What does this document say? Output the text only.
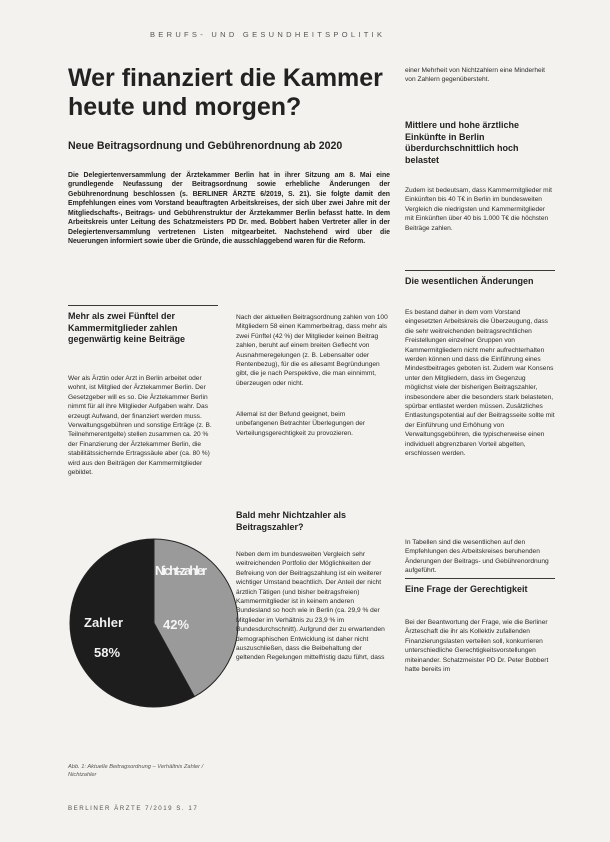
BERUFS- UND GESUNDHEITSPOLITIK
Wer finanziert die Kammer heute und morgen?
Neue Beitragsordnung und Gebührenordnung ab 2020
Die Delegiertenversammlung der Ärztekammer Berlin hat in ihrer Sitzung am 8. Mai eine grundlegende Neufassung der Beitragsordnung sowie erhebliche Änderungen der Gebührenordnung beschlossen (s. BERLINER ÄRZTE 6/2019, S. 21). Sie folgte damit den Empfehlungen eines vom Vorstand beauftragten Arbeitskreises, der sich über zwei Jahre mit der Mitgliedschafts-, Beitrags- und Gebührenstruktur der Ärztekammer Berlin befasst hatte. In dem Arbeitskreis unter Leitung des Schatzmeisters PD Dr. med. Bobbert haben Vertreter aller in der Delegiertenversammlung vertretenen Listen mitgearbeitet. Nachstehend wird über die Neuerungen informiert sowie über die Gründe, die ausschlaggebend waren für die Reform.
Mehr als zwei Fünftel der Kammermitglieder zahlen gegenwärtig keine Beiträge
Wer als Ärztin oder Arzt in Berlin arbeitet oder wohnt, ist Mitglied der Ärztekammer Berlin. Der Gesetzgeber will es so. Die Ärztekammer Berlin nimmt für all ihre Mitglieder Aufgaben wahr. Das erzeugt Aufwand, der finanziert werden muss. Verwaltungsgebühren und sonstige Erträge (z. B. Teilnehmerentgelte) stellen zusammen ca. 20 % der Finanzierung der Ärztekammer Berlin, die stabilitätssichernde Ertragssäule aber (ca. 80 %) wird aus den Beiträgen der Kammermitglieder gebildet.
Zahler
58%
Nicht-zahler
42%
Abb. 1: Aktuelle Beitragsordnung – Verhältnis Zahler / Nichtzahler
Nach der aktuellen Beitragsordnung zahlen von 100 Mitgliedern 58 einen Kammerbeitrag, dass mehr als zwei Fünftel (42 %) der Mitglieder keinen Beitrag zahlen, beruht auf einem breiten Geflecht von Ausnahmeregelungen (z. B. Lebensalter oder Rentenbezug), für die es allesamt Begründungen gibt, die je nach Perspektive, die man einnimmt, überzeugen oder nicht.
Allemal ist der Befund geeignet, beim unbefangenen Betrachter Überlegungen der Verteilungsgerechtigkeit zu provozieren.
Bald mehr Nichtzahler als Beitragszahler?
Neben dem im bundesweiten Vergleich sehr weitreichenden Portfolio der Möglichkeiten der Befreiung von der Beitragszahlung ist ein weiterer wichtiger Umstand beachtlich. Der Anteil der nicht ärztlich Tätigen (und bisher beitragsfreien) Kammermitglieder ist in keinem anderen Bundesland so hoch wie in Berlin (ca. 29,9 % der Mitglieder im Verhältnis zu 23,9 % im Bundesdurchschnitt). Aufgrund der zu erwartenden demographischen Entwicklung ist daher nicht auszuschließen, dass die Beibehaltung der geltenden Regelungen mittelfristig dazu führt, dass
einer Mehrheit von Nichtzahlern eine Minderheit von Zahlern gegenübersteht.
Mittlere und hohe ärztliche Einkünfte in Berlin überdurchschnittlich hoch belastet
Zudem ist bedeutsam, dass Kammermitglieder mit Einkünften bis 40 T€ in Berlin im bundesweiten Vergleich die niedrigsten und Kammermitglieder mit Einkünften über 40 bis 1.000 T€ die höchsten Beiträge zahlen.
Die wesentlichen Änderungen
Es bestand daher in dem vom Vorstand eingesetzten Arbeitskreis die Überzeugung, dass die sehr weitreichenden beitragsrechtlichen Freistellungen einzelner Gruppen von Kammermitgliedern nicht mehr aufrechterhalten werden können und dass die Einführung eines Mindestbeitrages geboten ist. Zudem war Konsens unter den Mitgliedern, dass im Gegenzug möglichst viele der bisherigen Beitragszahler, insbesondere aber die besonders stark belasteten, spürbar entlastet werden müssen. Zusätzliches Entlastungspotential auf der Beitragsseite sollte mit der Einführung und Erhöhung von Verwaltungsgebühren, die typischerweise einen individuell abgrenzbaren Vorteil abgelten, erschlossen werden.
In Tabellen sind die wesentlichen auf den Empfehlungen des Arbeitskreises beruhenden Änderungen der Beitrags- und Gebührenordnung aufgeführt.
Eine Frage der Gerechtigkeit
Bei der Beantwortung der Frage, wie die Berliner Ärzteschaft die ihr als Kollektiv zufallenden Finanzierungslasten verteilen soll, konkurrieren unterschiedliche Gerechtigkeitsvorstellungen miteinander. Schatzmeister PD Dr. Peter Bobbert hatte bereits im
BERLINER ÄRZTE 7/2019 S. 17
